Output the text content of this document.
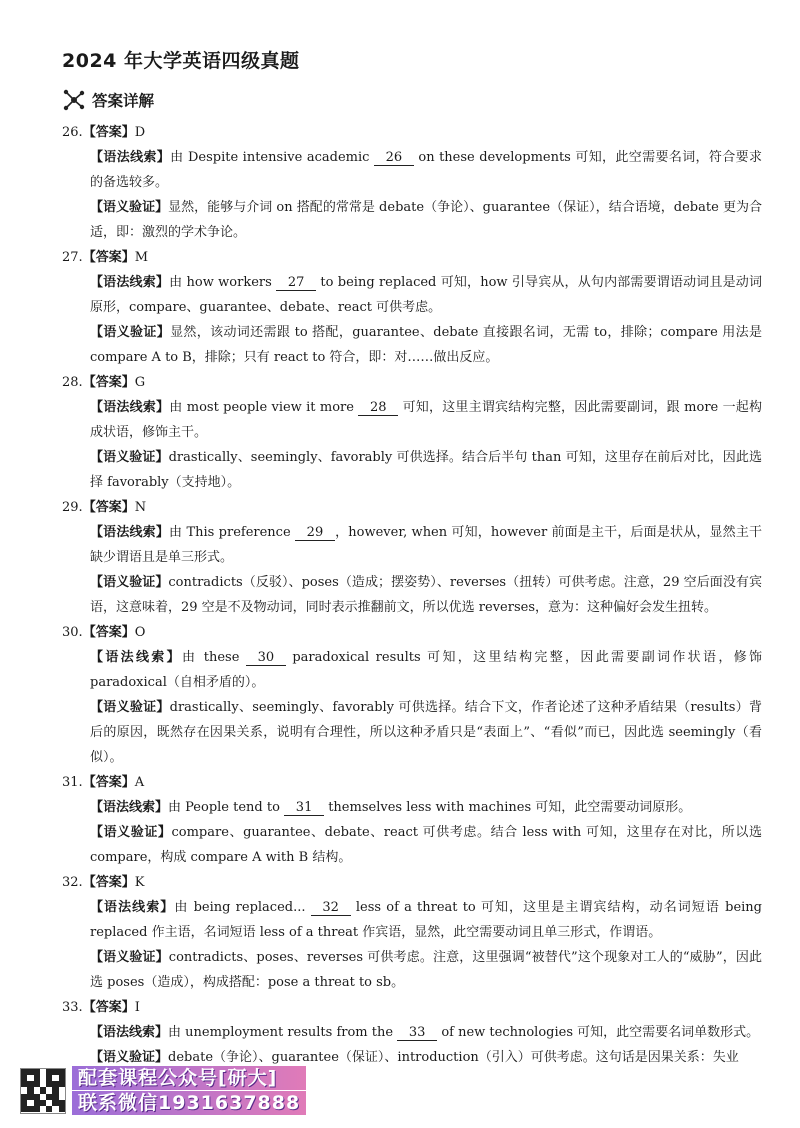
2024 年大学英语四级真题
答案详解

26.【答案】D

【语法线索】由 Despite intensive academic 26 on these developments 可知，此空需要名词，符合要求的备选较多。

【语义验证】显然，能够与介词 on 搭配的常常是 debate（争论）、guarantee（保证），结合语境，debate 更为合适，即：激烈的学术争论。

27.【答案】M

【语法线索】由 how workers 27 to being replaced 可知，how 引导宾从，从句内部需要谓语动词且是动词原形，compare、guarantee、debate、react 可供考虑。

【语义验证】显然，该动词还需跟 to 搭配，guarantee、debate 直接跟名词，无需 to，排除；compare 用法是 compare A to B，排除；只有 react to 符合，即：对……做出反应。

28.【答案】G

【语法线索】由 most people view it more 28 可知，这里主谓宾结构完整，因此需要副词，跟 more 一起构成状语，修饰主干。

【语义验证】drastically、seemingly、favorably 可供选择。结合后半句 than 可知，这里存在前后对比，因此选择 favorably（支持地）。

29.【答案】N

【语法线索】由 This preference 29 ，however, when 可知，however 前面是主干，后面是状从，显然主干缺少谓语且是单三形式。

【语义验证】contradicts（反驳）、poses（造成；摆姿势）、reverses（扭转）可供考虑。注意，29 空后面没有宾语，这意味着，29 空是不及物动词，同时表示推翻前文，所以优选 reverses，意为：这种偏好会发生扭转。

30.【答案】O

【语法线索】由 these 30 paradoxical results 可知，这里结构完整，因此需要副词作状语，修饰 paradoxical（自相矛盾的）。

【语义验证】drastically、seemingly、favorably 可供选择。结合下文，作者论述了这种矛盾结果（results）背后的原因，既然存在因果关系，说明有合理性，所以这种矛盾只是“表面上”、“看似”而已，因此选 seemingly（看似）。

31.【答案】A

【语法线索】由 People tend to 31 themselves less with machines 可知，此空需要动词原形。

【语义验证】compare、guarantee、debate、react 可供考虑。结合 less with 可知，这里存在对比，所以选 compare，构成 compare A with B 结构。

32.【答案】K

【语法线索】由 being replaced... 32 less of a threat to 可知，这里是主谓宾结构，动名词短语 being replaced 作主语，名词短语 less of a threat 作宾语，显然，此空需要动词且单三形式，作谓语。

【语义验证】contradicts、poses、reverses 可供考虑。注意，这里强调“被替代”这个现象对工人的“威胁”，因此选 poses（造成），构成搭配：pose a threat to sb。

33.【答案】I

【语法线索】由 unemployment results from the 33 of new technologies 可知，此空需要名词单数形式。

【语义验证】debate（争论）、guarantee（保证）、introduction（引入）可供考虑。这句话是因果关系：失业

配套课程公众号[研大]
联系微信1931637888
